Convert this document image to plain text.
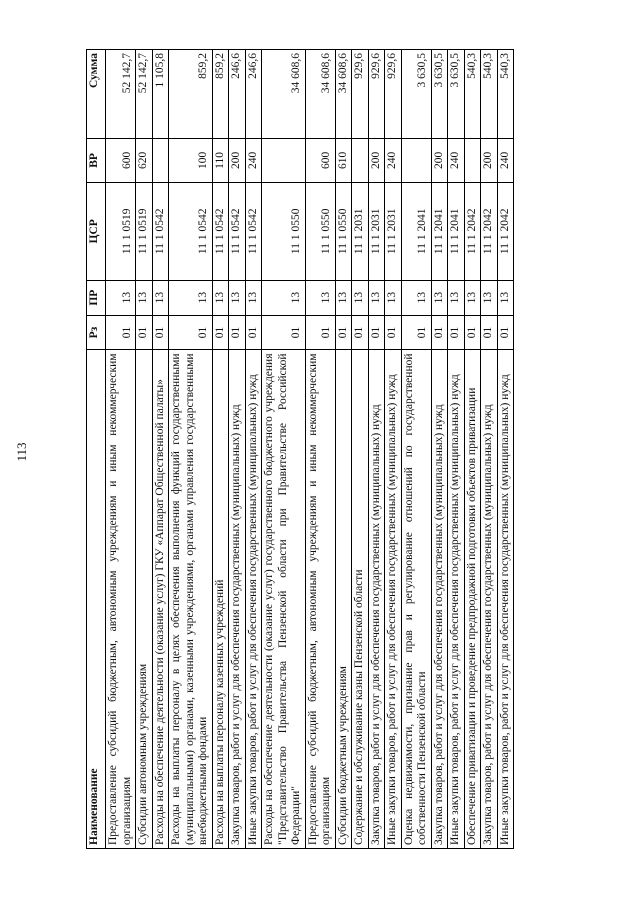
113
Наименование	Рз	ПР	ЦСР	ВР	Сумма
Предоставление субсидий бюджетным, автономным учреждениям и иным некоммерческим организациям	01	13	11 1 0519	600	52 142,7
Субсидии автономным учреждениям	01	13	11 1 0519	620	52 142,7
Расходы на обеспечение деятельности (оказание услуг) ГКУ «Аппарат Общественной палаты»	01	13	11 1 0542		1 105,8
Расходы на выплаты персоналу в целях обеспечения выполнения функций государственными (муниципальными) органами, казенными учреждениями, органами управления государственными внебюджетными фондами	01	13	11 1 0542	100	859,2
Расходы на выплаты персоналу казенных учреждений	01	13	11 1 0542	110	859,2
Закупка товаров, работ и услуг для обеспечения государственных (муниципальных) нужд	01	13	11 1 0542	200	246,6
Иные закупки товаров, работ и услуг для обеспечения государственных (муниципальных) нужд	01	13	11 1 0542	240	246,6
Расходы на обеспечение деятельности (оказание услуг) государственного бюджетного учреждения "Представительство Правительства Пензенской области при Правительстве Российской Федерации"	01	13	11 1 0550		34 608,6
Предоставление субсидий бюджетным, автономным учреждениям и иным некоммерческим организациям	01	13	11 1 0550	600	34 608,6
Субсидии бюджетным учреждениям	01	13	11 1 0550	610	34 608,6
Содержание и обслуживание казны Пензенской области	01	13	11 1 2031		929,6
Закупка товаров, работ и услуг для обеспечения государственных (муниципальных) нужд	01	13	11 1 2031	200	929,6
Иные закупки товаров, работ и услуг для обеспечения государственных (муниципальных) нужд	01	13	11 1 2031	240	929,6
Оценка недвижимости, признание прав и регулирование отношений по государственной собственности Пензенской области	01	13	11 1 2041		3 630,5
Закупка товаров, работ и услуг для обеспечения государственных (муниципальных) нужд	01	13	11 1 2041	200	3 630,5
Иные закупки товаров, работ и услуг для обеспечения государственных (муниципальных) нужд	01	13	11 1 2041	240	3 630,5
Обеспечение приватизации и проведение предпродажной подготовки объектов приватизации	01	13	11 1 2042		540,3
Закупка товаров, работ и услуг для обеспечения государственных (муниципальных) нужд	01	13	11 1 2042	200	540,3
Иные закупки товаров, работ и услуг для обеспечения государственных (муниципальных) нужд	01	13	11 1 2042	240	540,3
